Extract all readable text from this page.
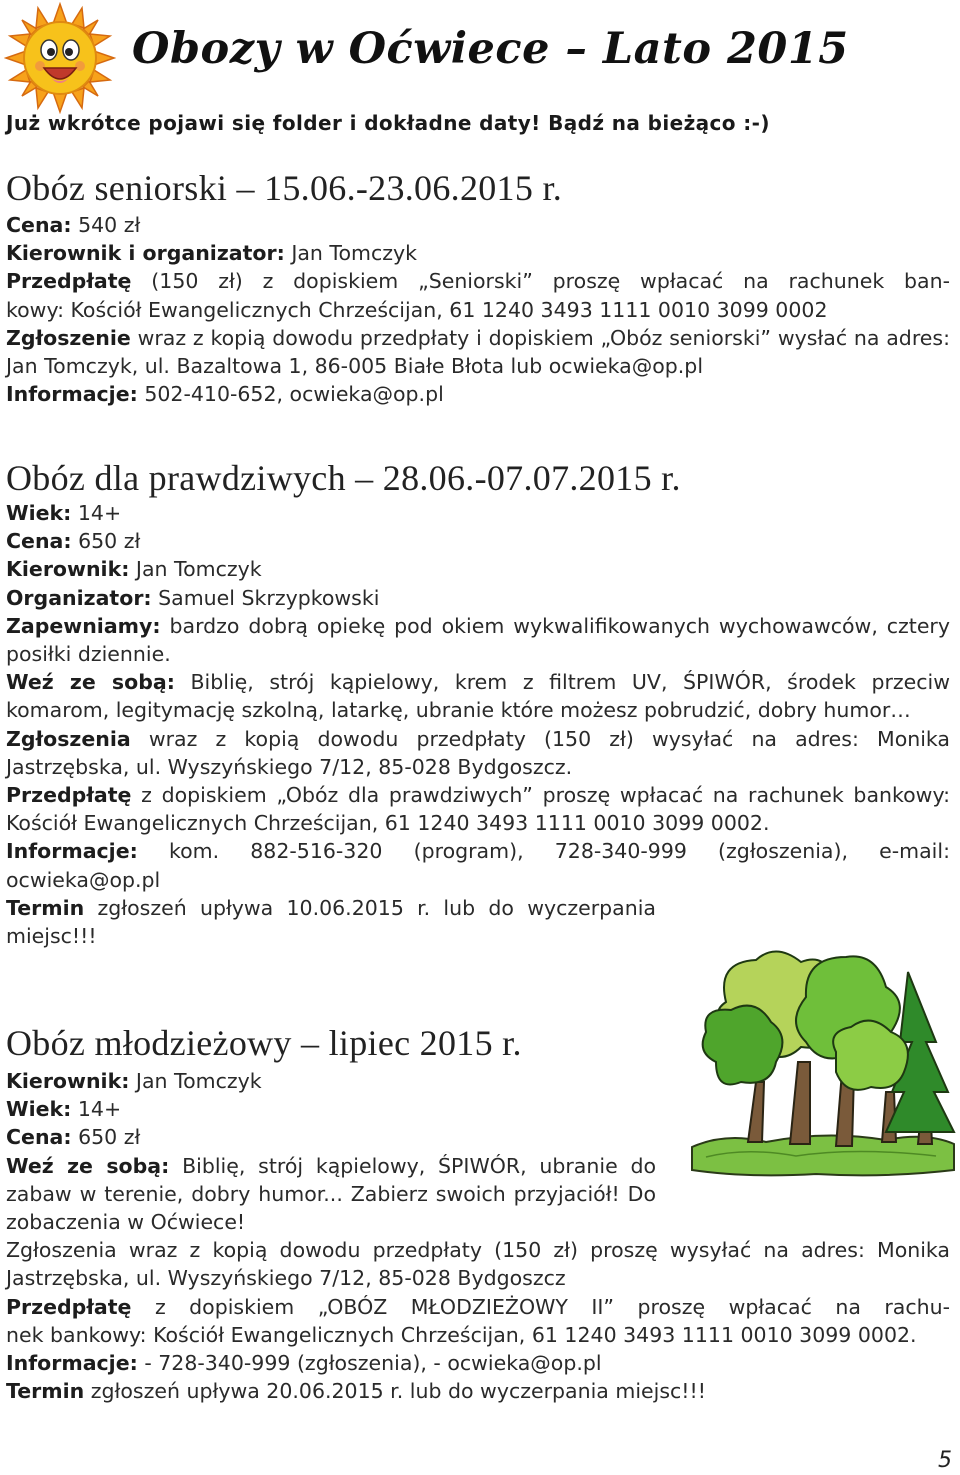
Obozy w Oćwiece – Lato 2015
Już wkrótce pojawi się folder i dokładne daty! Bądź na bieżąco :-)
Obóz seniorski – 15.06.-23.06.2015 r.

Cena: 540 zł

Kierownik i organizator: Jan Tomczyk

Przedpłatę (150 zł) z dopiskiem „Seniorski” proszę wpłacać na rachunek ban-

kowy: Kościół Ewangelicznych Chrześcijan, 61 1240 3493 1111 0010 3099 0002

Zgłoszenie wraz z kopią dowodu przedpłaty i dopiskiem „Obóz seniorski” wysłać na adres: Jan Tomczyk, ul. Bazaltowa 1, 86-005 Białe Błota lub ocwieka@op.pl

Informacje: 502-410-652, ocwieka@op.pl

Obóz dla prawdziwych – 28.06.-07.07.2015 r.

Wiek: 14+

Cena: 650 zł

Kierownik: Jan Tomczyk

Organizator: Samuel Skrzypkowski

Zapewniamy: bardzo dobrą opiekę pod okiem wykwalifikowanych wychowawców, cztery posiłki dziennie.

Weź ze sobą: Biblię, strój kąpielowy, krem z filtrem UV, ŚPIWÓR, środek przeciw komarom, legitymację szkolną, latarkę, ubranie które możesz pobrudzić, dobry humor…

Zgłoszenia wraz z kopią dowodu przedpłaty (150 zł) wysyłać na adres: Monika Jastrzębska, ul. Wyszyńskiego 7/12, 85-028 Bydgoszcz.

Przedpłatę z dopiskiem „Obóz dla prawdziwych” proszę wpłacać na rachunek bankowy: Kościół Ewangelicznych Chrześcijan, 61 1240 3493 1111 0010 3099 0002.

Informacje: kom. 882-516-320 (program), 728-340-999 (zgłoszenia), e-mail: ocwieka@op.pl

Termin zgłoszeń upływa 10.06.2015 r. lub do wyczerpania miejsc!!!

Obóz młodzieżowy – lipiec 2015 r.

Kierownik: Jan Tomczyk

Wiek: 14+

Cena: 650 zł

Weź ze sobą: Biblię, strój kąpielowy, ŚPIWÓR, ubranie do zabaw w terenie, dobry humor... Zabierz swoich przyjaciół! Do zobaczenia w Oćwiece!

Zgłoszenia wraz z kopią dowodu przedpłaty (150 zł) proszę wysyłać na adres: Monika Jastrzębska, ul. Wyszyńskiego 7/12, 85-028 Bydgoszcz

Przedpłatę z dopiskiem „OBÓZ MŁODZIEŻOWY II” proszę wpłacać na rachu-

nek bankowy: Kościół Ewangelicznych Chrześcijan, 61 1240 3493 1111 0010 3099 0002.

Informacje: - 728-340-999 (zgłoszenia), - ocwieka@op.pl

Termin zgłoszeń upływa 20.06.2015 r. lub do wyczerpania miejsc!!!

5
